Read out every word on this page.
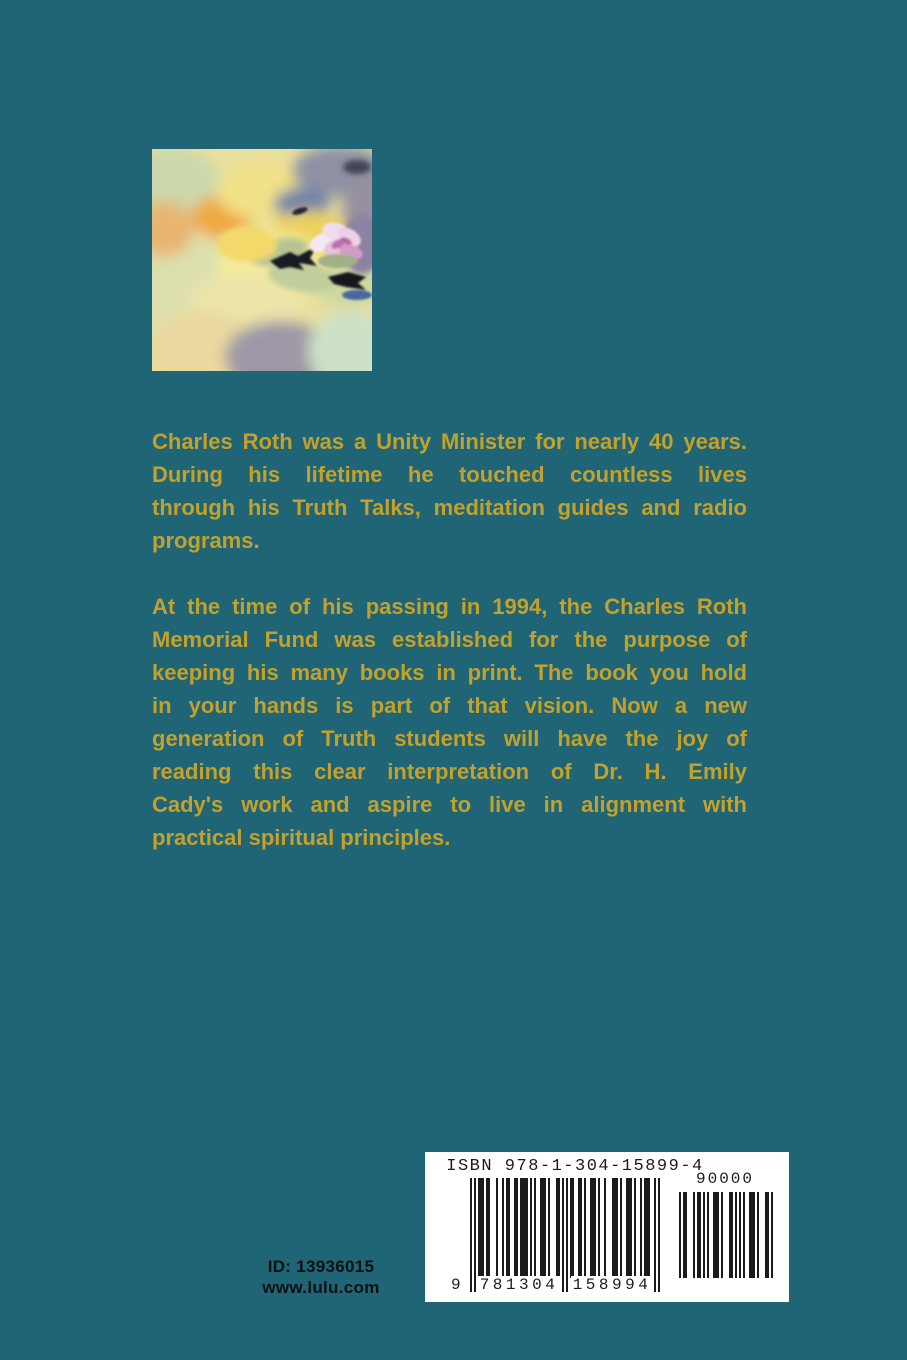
Charles Roth was a Unity Minister for nearly 40 years.
During his lifetime he touched countless lives
through his Truth Talks, meditation guides and radio
programs.
At the time of his passing in 1994, the Charles Roth
Memorial Fund was established for the purpose of
keeping his many books in print. The book you hold
in your hands is part of that vision. Now a new
generation of Truth students will have the joy of
reading this clear interpretation of Dr. H. Emily
Cady's work and aspire to live in alignment with
practical spiritual principles.
ID: 13936015
www.lulu.com
ISBN 978-1-304-15899-4
9 781304 158994
90000
